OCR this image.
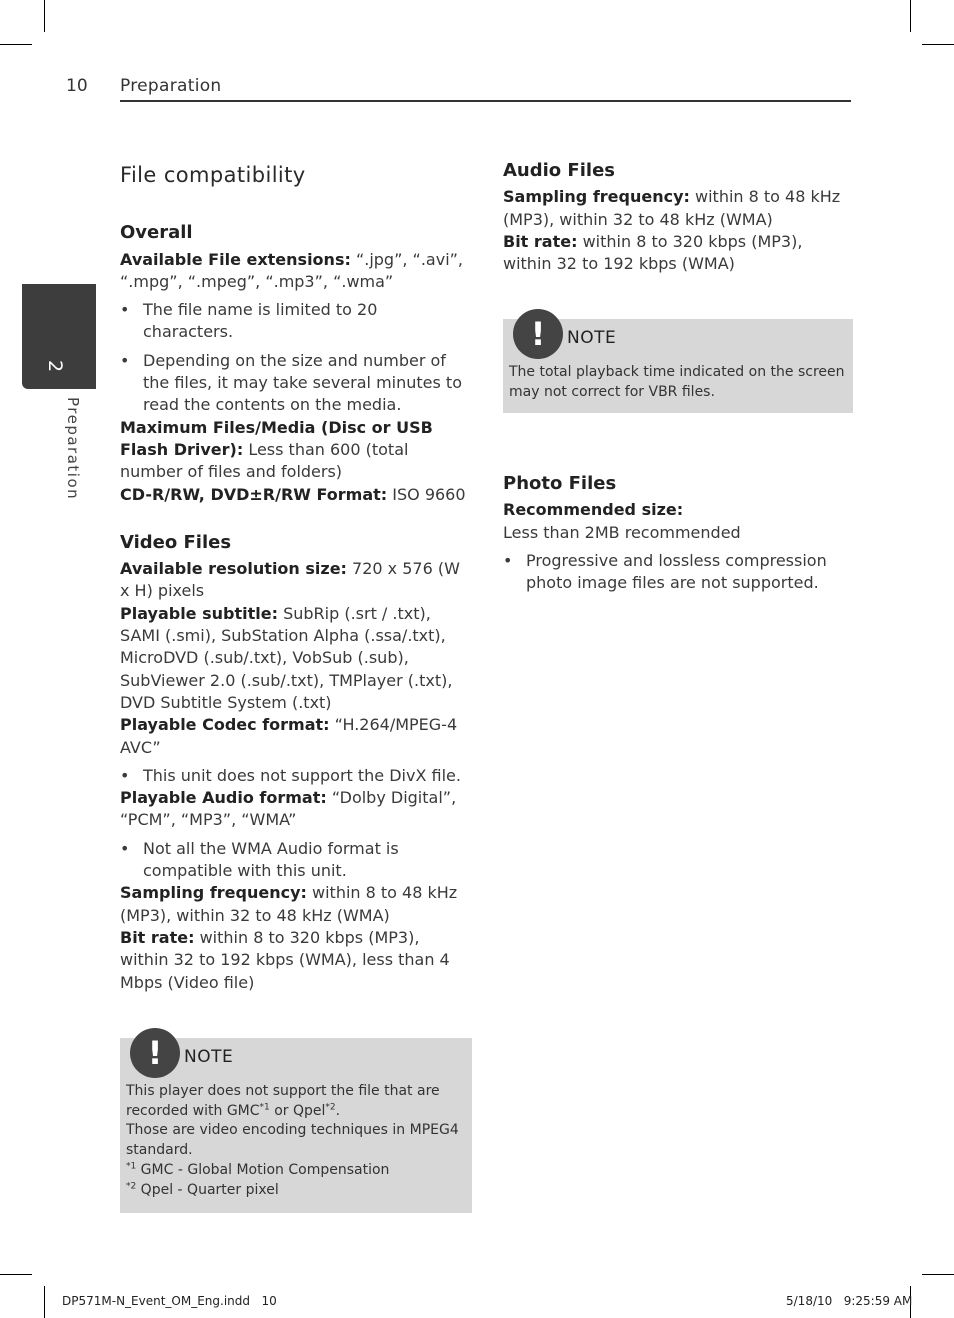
10 Preparation
2
Preparation
File compatibility
Overall

Available File extensions: “.jpg”, “.avi”, “.mpg”, “.mpeg”, “.mp3”, “.wma”

• The file name is limited to 20 characters.

• Depending on the size and number of the files, it may take several minutes to read the contents on the media.

Maximum Files/Media (Disc or USB Flash Driver): Less than 600 (total number of files and folders)

CD-R/RW, DVD±R/RW Format: ISO 9660

Video Files

Available resolution size: 720 x 576 (W x H) pixels

Playable subtitle: SubRip (.srt / .txt), SAMI (.smi), SubStation Alpha (.ssa/.txt), MicroDVD (.sub/.txt), VobSub (.sub), SubViewer 2.0 (.sub/.txt), TMPlayer (.txt), DVD Subtitle System (.txt)

Playable Codec format: “H.264/MPEG-4 AVC”

• This unit does not support the DivX file.

Playable Audio format: “Dolby Digital”, “PCM”, “MP3”, “WMA”

• Not all the WMA Audio format is compatible with this unit.

Sampling frequency: within 8 to 48 kHz (MP3), within 32 to 48 kHz (WMA)

Bit rate: within 8 to 320 kbps (MP3), within 32 to 192 kbps (WMA), less than 4 Mbps (Video file)

!	NOTE
This player does not support the file that are recorded with GMC$^{*1}$ or Qpel$^{*2}$.
Those are video encoding techniques in MPEG4 standard.
$^{*1}$ GMC - Global Motion Compensation
$^{*2}$ Qpel - Quarter pixel
Audio Files

Sampling frequency: within 8 to 48 kHz (MP3), within 32 to 48 kHz (WMA)

Bit rate: within 8 to 320 kbps (MP3), within 32 to 192 kbps (WMA)

!	NOTE
The total playback time indicated on the screen may not correct for VBR files.
Photo Files

Recommended size:

Less than 2MB recommended

• Progressive and lossless compression photo image files are not supported.

DP571M-N_Event_OM_Eng.indd   10	5/18/10   9:25:59 AM
